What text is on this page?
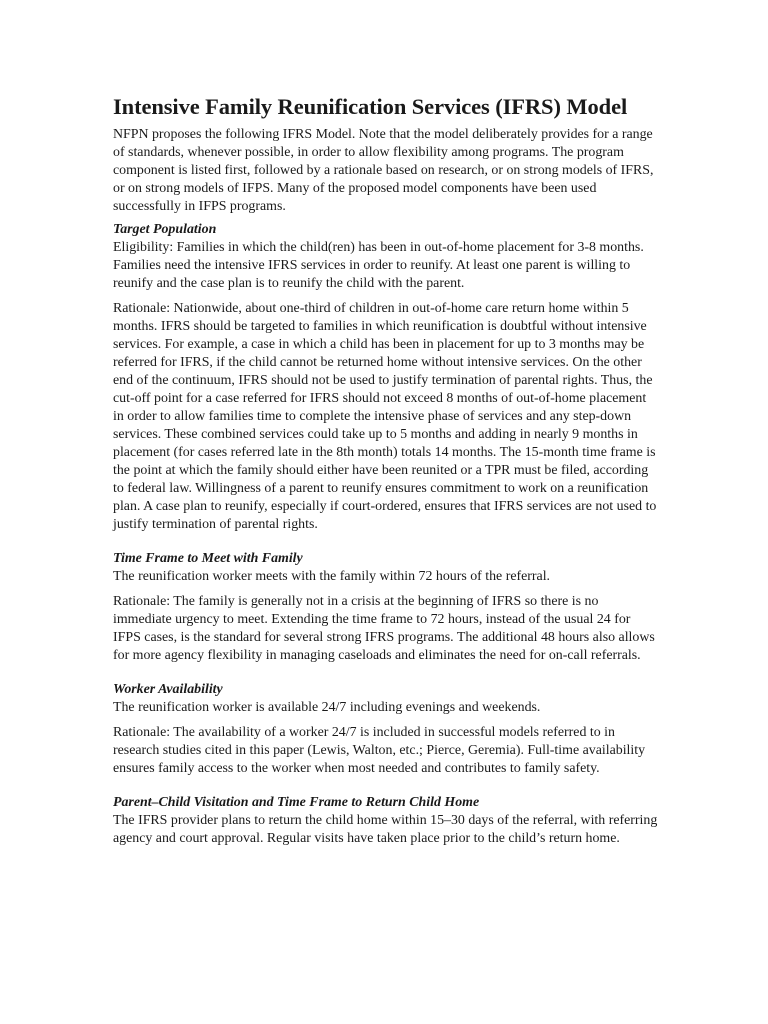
Intensive Family Reunification Services (IFRS) Model

NFPN proposes the following IFRS Model. Note that the model deliberately provides for a range of standards, whenever possible, in order to allow flexibility among programs. The program component is listed first, followed by a rationale based on research, or on strong models of IFRS, or on strong models of IFPS. Many of the proposed model components have been used successfully in IFPS programs.

Target Population

Eligibility: Families in which the child(ren) has been in out-of-home placement for 3-8 months. Families need the intensive IFRS services in order to reunify. At least one parent is willing to reunify and the case plan is to reunify the child with the parent.

Rationale: Nationwide, about one-third of children in out-of-home care return home within 5 months. IFRS should be targeted to families in which reunification is doubtful without intensive services. For example, a case in which a child has been in placement for up to 3 months may be referred for IFRS, if the child cannot be returned home without intensive services. On the other end of the continuum, IFRS should not be used to justify termination of parental rights. Thus, the cut-off point for a case referred for IFRS should not exceed 8 months of out-of-home placement in order to allow families time to complete the intensive phase of services and any step-down services. These combined services could take up to 5 months and adding in nearly 9 months in placement (for cases referred late in the 8th month) totals 14 months. The 15-month time frame is the point at which the family should either have been reunited or a TPR must be filed, according to federal law. Willingness of a parent to reunify ensures commitment to work on a reunification plan. A case plan to reunify, especially if court-ordered, ensures that IFRS services are not used to justify termination of parental rights.

Time Frame to Meet with Family

The reunification worker meets with the family within 72 hours of the referral.

Rationale: The family is generally not in a crisis at the beginning of IFRS so there is no immediate urgency to meet. Extending the time frame to 72 hours, instead of the usual 24 for IFPS cases, is the standard for several strong IFRS programs. The additional 48 hours also allows for more agency flexibility in managing caseloads and eliminates the need for on-call referrals.

Worker Availability

The reunification worker is available 24/7 including evenings and weekends.

Rationale: The availability of a worker 24/7 is included in successful models referred to in research studies cited in this paper (Lewis, Walton, etc.; Pierce, Geremia). Full-time availability ensures family access to the worker when most needed and contributes to family safety.

Parent–Child Visitation and Time Frame to Return Child Home

The IFRS provider plans to return the child home within 15–30 days of the referral, with referring agency and court approval. Regular visits have taken place prior to the child’s return home.
